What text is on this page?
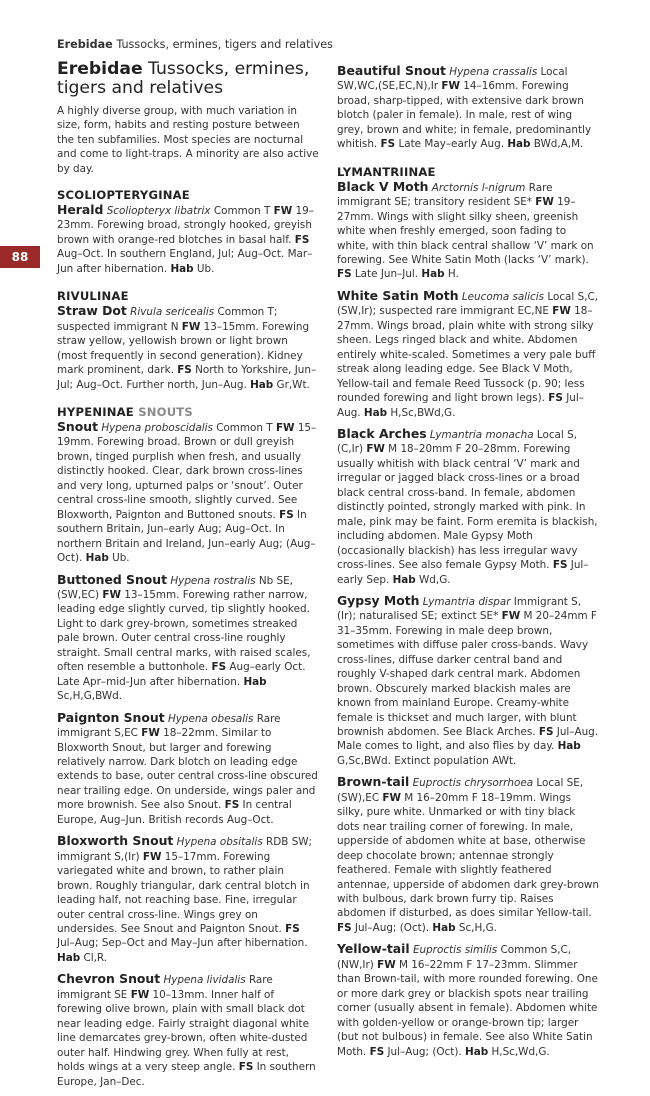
Erebidae Tussocks, ermines, tigers and relatives
88
Erebidae Tussocks, ermines, tigers and relatives

A highly diverse group, with much variation in size, form, habits and resting posture between the ten subfamilies. Most species are nocturnal and come to light-traps. A minority are also active by day.

SCOLIOPTERYGINAE

Herald Scoliopteryx libatrix Common T FW 19–23mm. Forewing broad, strongly hooked, greyish brown with orange-red blotches in basal half. FS Aug–Oct. In southern England, Jul; Aug–Oct. Mar–Jun after hibernation. Hab Ub.

RIVULINAE

Straw Dot Rivula sericealis Common T; suspected immigrant N FW 13–15mm. Forewing straw yellow, yellowish brown or light brown (most frequently in second generation). Kidney mark prominent, dark. FS North to Yorkshire, Jun–Jul; Aug–Oct. Further north, Jun–Aug. Hab Gr,Wt.

HYPENINAE SNOUTS

Snout Hypena proboscidalis Common T FW 15–19mm. Forewing broad. Brown or dull greyish brown, tinged purplish when fresh, and usually distinctly hooked. Clear, dark brown cross-lines and very long, upturned palps or ‘snout’. Outer central cross-line smooth, slightly curved. See Bloxworth, Paignton and Buttoned snouts. FS In southern Britain, Jun–early Aug; Aug–Oct. In northern Britain and Ireland, Jun–early Aug; (Aug–Oct). Hab Ub.

Buttoned Snout Hypena rostralis Nb SE,(SW,EC) FW 13–15mm. Forewing rather narrow, leading edge slightly curved, tip slightly hooked. Light to dark grey-brown, sometimes streaked pale brown. Outer central cross-line roughly straight. Small central marks, with raised scales, often resemble a buttonhole. FS Aug–early Oct. Late Apr–mid-Jun after hibernation. Hab Sc,H,G,BWd.

Paignton Snout Hypena obesalis Rare immigrant S,EC FW 18–22mm. Similar to Bloxworth Snout, but larger and forewing relatively narrow. Dark blotch on leading edge extends to base, outer central cross-line obscured near trailing edge. On underside, wings paler and more brownish. See also Snout. FS In central Europe, Aug–Jun. British records Aug–Oct.

Bloxworth Snout Hypena obsitalis RDB SW; immigrant S,(Ir) FW 15–17mm. Forewing variegated white and brown, to rather plain brown. Roughly triangular, dark central blotch in leading half, not reaching base. Fine, irregular outer central cross-line. Wings grey on undersides. See Snout and Paignton Snout. FS Jul–Aug; Sep–Oct and May–Jun after hibernation. Hab Cl,R.

Chevron Snout Hypena lividalis Rare immigrant SE FW 10–13mm. Inner half of forewing olive brown, plain with small black dot near leading edge. Fairly straight diagonal white line demarcates grey-brown, often white-dusted outer half. Hindwing grey. When fully at rest, holds wings at a very steep angle. FS In southern Europe, Jan–Dec.

Beautiful Snout Hypena crassalis Local SW,WC,(SE,EC,N),Ir FW 14–16mm. Forewing broad, sharp-tipped, with extensive dark brown blotch (paler in female). In male, rest of wing grey, brown and white; in female, predominantly whitish. FS Late May–early Aug. Hab BWd,A,M.

LYMANTRIINAE

Black V Moth Arctornis l-nigrum Rare immigrant SE; transitory resident SE* FW 19–27mm. Wings with slight silky sheen, greenish white when freshly emerged, soon fading to white, with thin black central shallow ‘V’ mark on forewing. See White Satin Moth (lacks ‘V’ mark). FS Late Jun–Jul. Hab H.

White Satin Moth Leucoma salicis Local S,C,(SW,Ir); suspected rare immigrant EC,NE FW 18–27mm. Wings broad, plain white with strong silky sheen. Legs ringed black and white. Abdomen entirely white-scaled. Sometimes a very pale buff streak along leading edge. See Black V Moth, Yellow-tail and female Reed Tussock (p. 90; less rounded forewing and light brown legs). FS Jul–Aug. Hab H,Sc,BWd,G.

Black Arches Lymantria monacha Local S,(C,Ir) FW M 18–20mm F 20–28mm. Forewing usually whitish with black central ‘V’ mark and irregular or jagged black cross-lines or a broad black central cross-band. In female, abdomen distinctly pointed, strongly marked with pink. In male, pink may be faint. Form eremita is blackish, including abdomen. Male Gypsy Moth (occasionally blackish) has less irregular wavy cross-lines. See also female Gypsy Moth. FS Jul–early Sep. Hab Wd,G.

Gypsy Moth Lymantria dispar Immigrant S,(Ir); naturalised SE; extinct SE* FW M 20–24mm F 31–35mm. Forewing in male deep brown, sometimes with diffuse paler cross-bands. Wavy cross-lines, diffuse darker central band and roughly V-shaped dark central mark. Abdomen brown. Obscurely marked blackish males are known from mainland Europe. Creamy-white female is thickset and much larger, with blunt brownish abdomen. See Black Arches. FS Jul–Aug. Male comes to light, and also flies by day. Hab G,Sc,BWd. Extinct population AWt.

Brown-tail Euproctis chrysorrhoea Local SE,(SW),EC FW M 16–20mm F 18–19mm. Wings silky, pure white. Unmarked or with tiny black dots near trailing corner of forewing. In male, upperside of abdomen white at base, otherwise deep chocolate brown; antennae strongly feathered. Female with slightly feathered antennae, upperside of abdomen dark grey-brown with bulbous, dark brown furry tip. Raises abdomen if disturbed, as does similar Yellow-tail. FS Jul–Aug; (Oct). Hab Sc,H,G.

Yellow-tail Euproctis similis Common S,C,(NW,Ir) FW M 16–22mm F 17–23mm. Slimmer than Brown-tail, with more rounded forewing. One or more dark grey or blackish spots near trailing corner (usually absent in female). Abdomen white with golden-yellow or orange-brown tip; larger (but not bulbous) in female. See also White Satin Moth. FS Jul–Aug; (Oct). Hab H,Sc,Wd,G.
